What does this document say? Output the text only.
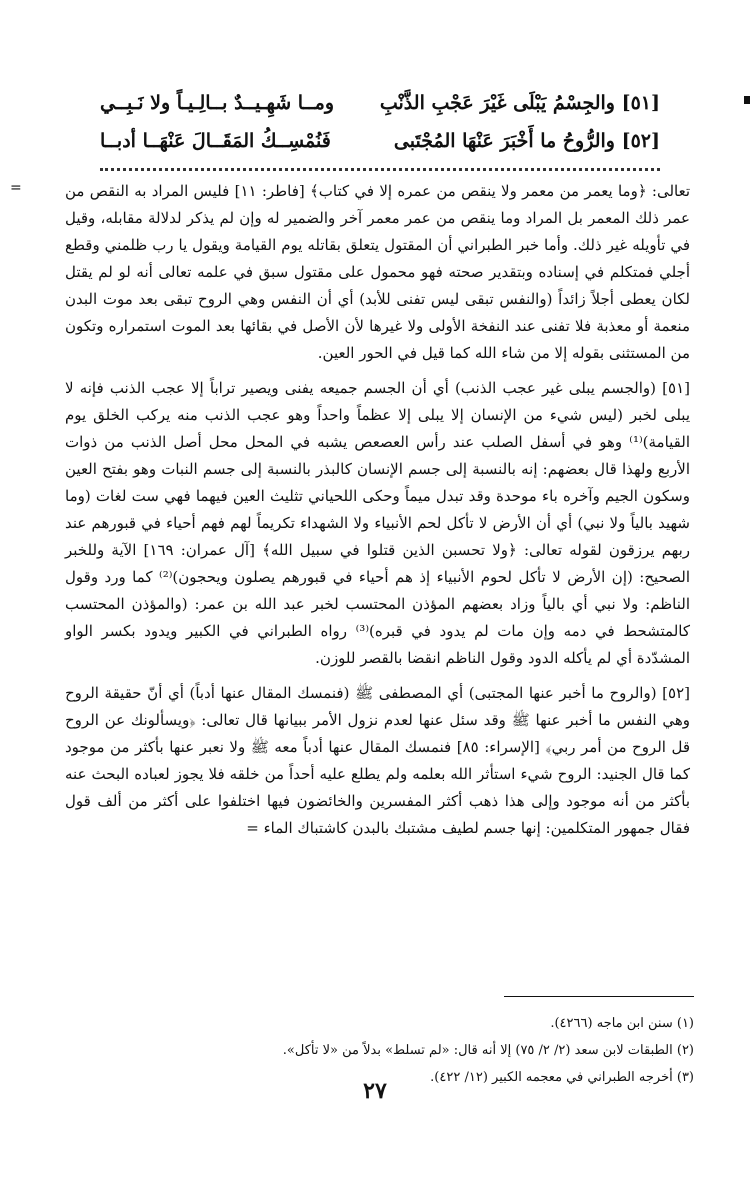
=
[٥١] والجِسْمُ يَبْلَى غَيْرَ عَجْبِ الذَّنْبِ
ومــا شَهِـيــدٌ بــالِـيـاً ولا نَـبِــي
[٥٢] والرُّوحُ ما أَخْبَرَ عَنْهَا المُجْتَبى
فَنُمْسِــكُ المَقَــالَ عَنْهَــا أدبــا

تعالى: ﴿وما يعمر من معمر ولا ينقص من عمره إلا في كتاب﴾ [فاطر: ١١] فليس المراد به النقص من عمر ذلك المعمر بل المراد وما ينقص من عمر معمر آخر والضمير له وإن لم يذكر لدلالة مقابله، وقيل في تأويله غير ذلك. وأما خبر الطبراني أن المقتول يتعلق بقاتله يوم القيامة ويقول يا رب ظلمني وقطع أجلي فمتكلم في إسناده وبتقدير صحته فهو محمول على مقتول سبق في علمه تعالى أنه لو لم يقتل لكان يعطى أجلاً زائداً (والنفس تبقى ليس تفنى للأبد) أي أن النفس وهي الروح تبقى بعد موت البدن منعمة أو معذبة فلا تفنى عند النفخة الأولى ولا غيرها لأن الأصل في بقائها بعد الموت استمراره وتكون من المستثنى بقوله إلا من شاء الله كما قيل في الحور العين.

[٥١] (والجسم يبلى غير عجب الذنب) أي أن الجسم جميعه يفنى ويصير تراباً إلا عجب الذنب فإنه لا يبلى لخبر (ليس شيء من الإنسان إلا يبلى إلا عظماً واحداً وهو عجب الذنب منه يركب الخلق يوم القيامة)⁽¹⁾ وهو في أسفل الصلب عند رأس العصعص يشبه في المحل محل أصل الذنب من ذوات الأربع ولهذا قال بعضهم: إنه بالنسبة إلى جسم الإنسان كالبذر بالنسبة إلى جسم النبات وهو بفتح العين وسكون الجيم وآخره باء موحدة وقد تبدل ميماً وحكى اللحياني تثليث العين فيهما فهي ست لغات (وما شهيد بالياً ولا نبي) أي أن الأرض لا تأكل لحم الأنبياء ولا الشهداء تكريماً لهم فهم أحياء في قبورهم عند ربهم يرزقون لقوله تعالى: ﴿ولا تحسبن الذين قتلوا في سبيل الله﴾ [آل عمران: ١٦٩] الآية وللخبر الصحيح: (إن الأرض لا تأكل لحوم الأنبياء إذ هم أحياء في قبورهم يصلون ويحجون)⁽²⁾ كما ورد وقول الناظم: ولا نبي أي بالياً وزاد بعضهم المؤذن المحتسب لخبر عبد الله بن عمر: (والمؤذن المحتسب كالمتشحط في دمه وإن مات لم يدود في قبره)⁽³⁾ رواه الطبراني في الكبير ويدود بكسر الواو المشدّدة أي لم يأكله الدود وقول الناظم انقضا بالقصر للوزن.

[٥٢] (والروح ما أخبر عنها المجتبى) أي المصطفى ﷺ (فنمسك المقال عنها أدباً) أي أنّ حقيقة الروح وهي النفس ما أخبر عنها ﷺ وقد سئل عنها لعدم نزول الأمر ببيانها قال تعالى: ﴿ويسألونك عن الروح قل الروح من أمر ربي﴾ [الإسراء: ٨٥] فنمسك المقال عنها أدباً معه ﷺ ولا نعبر عنها بأكثر من موجود كما قال الجنيد: الروح شيء استأثر الله بعلمه ولم يطلع عليه أحداً من خلقه فلا يجوز لعباده البحث عنه بأكثر من أنه موجود وإلى هذا ذهب أكثر المفسرين والخائضون فيها اختلفوا على أكثر من ألف قول فقال جمهور المتكلمين: إنها جسم لطيف مشتبك بالبدن كاشتباك الماء =

(١) سنن ابن ماجه (٤٢٦٦).
(٢) الطبقات لابن سعد (٢/ ٢/ ٧٥) إلا أنه قال: «لم تسلط» بدلاً من «لا تأكل».
(٣) أخرجه الطبراني في معجمه الكبير (١٢/ ٤٢٢).
٢٧
